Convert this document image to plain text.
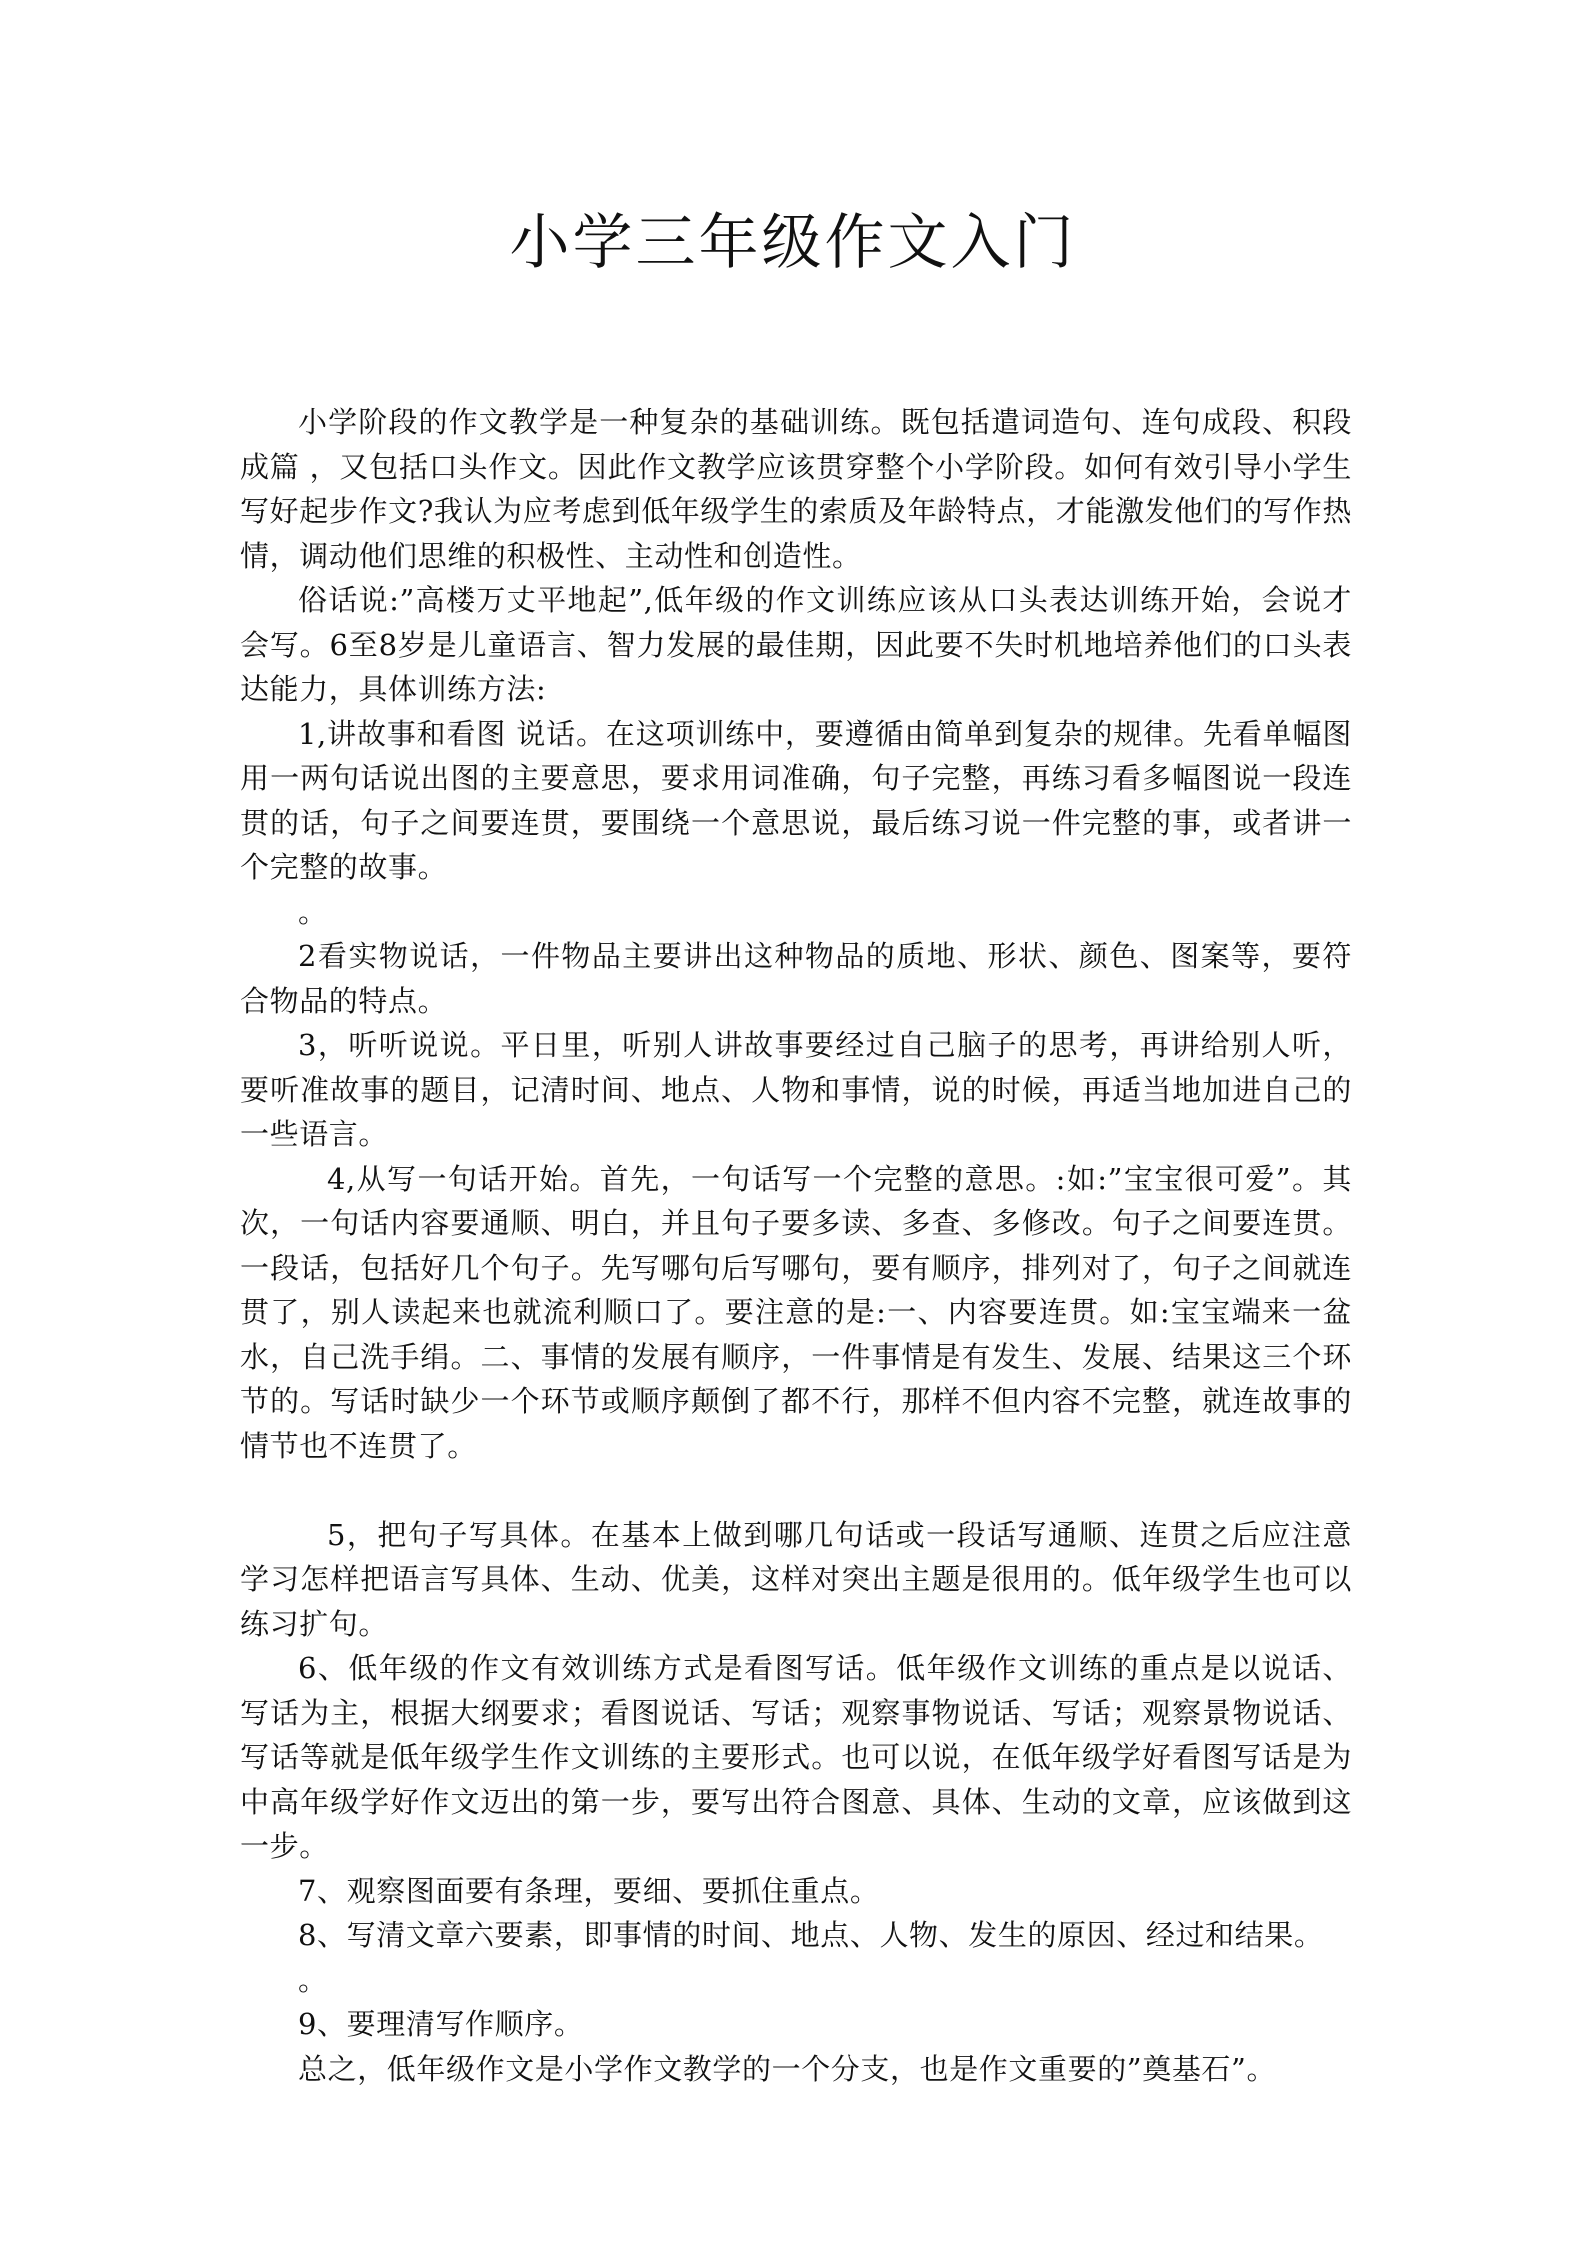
小学三年级作文入门

小学阶段的作文教学是一种复杂的基础训练。既包括遣词造句、连句成段、积段 成篇 ，又包括口头作文。因此作文教学应该贯穿整个小学阶段。如何有效引导小学生写好起步作文?我认为应考虑到低年级学生的索质及年龄特点，才能激发他们的写作热情，调动他们思维的积极性、主动性和创造性。

俗话说:”高楼万丈平地起”,低年级的作文训练应该从口头表达训练开始，会说才会写。6至8岁是儿童语言、智力发展的最佳期，因此要不失时机地培养他们的口头表达能力，具体训练方法:

1,讲故事和看图 说话。在这项训练中，要遵循由简单到复杂的规律。先看单幅图用一两句话说出图的主要意思，要求用词准确，句子完整，再练习看多幅图说一段连贯的话，句子之间要连贯，要围绕一个意思说，最后练习说一件完整的事，或者讲一个完整的故事。

。

2看实物说话，一件物品主要讲出这种物品的质地、形状、颜色、图案等，要符合物品的特点。

3，听听说说。平日里，听别人讲故事要经过自己脑子的思考，再讲给别人听，要听准故事的题目，记清时间、地点、人物和事情，说的时候，再适当地加进自己的一些语言。

4,从写一句话开始。首先，一句话写一个完整的意思。:如:”宝宝很可爱”。其次，一句话内容要通顺、明白，并且句子要多读、多查、多修改。句子之间要连贯。一段话，包括好几个句子。先写哪句后写哪句，要有顺序，排列对了，句子之间就连贯了，别人读起来也就流利顺口了。要注意的是:一、内容要连贯。如:宝宝端来一盆水，自己洗手绢。二、事情的发展有顺序，一件事情是有发生、发展、结果这三个环节的。写话时缺少一个环节或顺序颠倒了都不行，那样不但内容不完整，就连故事的情节也不连贯了。

5，把句子写具体。在基本上做到哪几句话或一段话写通顺、连贯之后应注意学习怎样把语言写具体、生动、优美，这样对突出主题是很用的。低年级学生也可以练习扩句。

6、低年级的作文有效训练方式是看图写话。低年级作文训练的重点是以说话、写话为主，根据大纲要求；看图说话、写话；观察事物说话、写话；观察景物说话、写话等就是低年级学生作文训练的主要形式。也可以说，在低年级学好看图写话是为中高年级学好作文迈出的第一步，要写出符合图意、具体、生动的文章，应该做到这一步。

7、观察图面要有条理，要细、要抓住重点。

8、写清文章六要素，即事情的时间、地点、人物、发生的原因、经过和结果。

。

9、要理清写作顺序。

总之，低年级作文是小学作文教学的一个分支，也是作文重要的”奠基石”。
